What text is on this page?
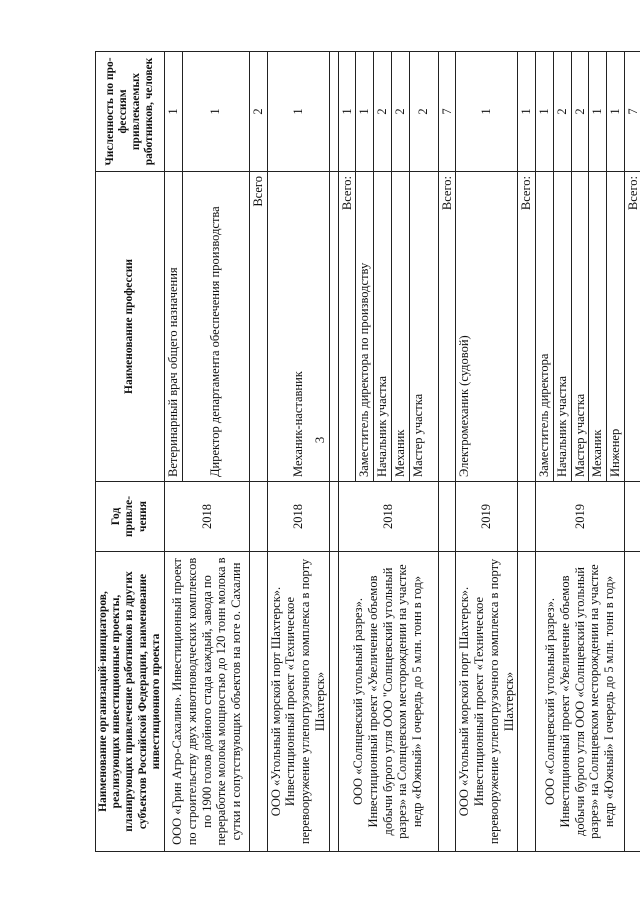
3
Наименование организаций-инициаторов, реализующих инвестиционные проекты, планирующих привлечение работников из других субъектов Российской Федерации, наименование инвестиционного проекта	Год привле-чения	Наименование профессии	Численность по про-фессиям привлекаемых работников, человек
ООО «Грин Агро-Сахалин». Инвестиционный проект по строительству двух животноводческих комплексов по 1900 голов дойного стада каждый, завода по переработке молока мощностью до 120 тонн молока в сутки и сопутствующих объектов на юге о. Сахалин	2018	Ветеринарный врач общего назначения	1
		Директор департамента обеспечения производства	1
		Всего	2
ООО «Угольный морской порт Шахтерск». Инвестиционный проект «Техническое перевооружение углепогрузочного комплекса в порту Шахтерск»	2018	Механик-наставник	1

ООО «Солнцевский угольный разрез». Инвестиционный проект «Увеличение объемов добычи бурого угля ООО "Солнцевский угольный разрез» на Солнцевском месторождении на участке недр «Южный» I очередь до 5 млн. тонн в год»	2018	Всего:	1
		Заместитель директора по производству	1
		Начальник участка	2
		Механик	2
		Мастер участка	2
		Всего:	7
ООО «Угольный морской порт Шахтерск». Инвестиционный проект «Техническое перевооружение углепогрузочного комплекса в порту Шахтерск»	2019	Электромеханик (судовой)	1
		Всего:	1
ООО «Солнцевский угольный разрез». Инвестиционный проект «Увеличение объемов добычи бурого угля ООО «Солнцевский угольный разрез» на Солнцевском месторождении на участке недр «Южный» I очередь до 5 млн. тонн в год»	2019	Заместитель директора	1
		Начальник участка	2
		Мастер участка	2
		Механик	1
		Инженер	1
		Всего:	7
